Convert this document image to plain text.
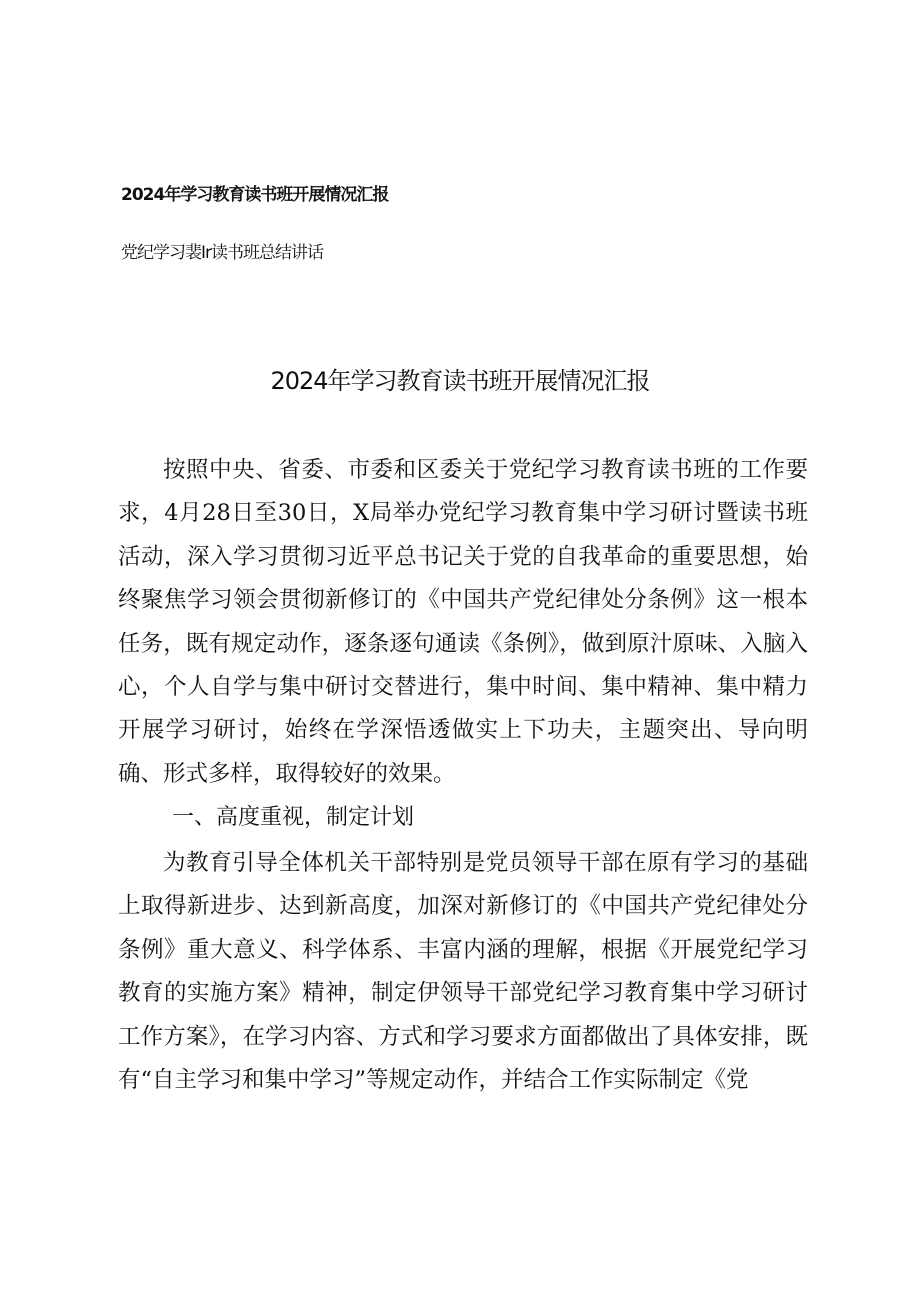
2024年学习教育读书班开展情况汇报
党纪学习裴Ir读书班总结讲话
2024年学习教育读书班开展情况汇报

按照中央、省委、市委和区委关于党纪学习教育读书班的工作要求，4月28日至30日，X局举办党纪学习教育集中学习研讨暨读书班活动，深入学习贯彻习近平总书记关于党的自我革命的重要思想，始终聚焦学习领会贯彻新修订的《中国共产党纪律处分条例》这一根本任务，既有规定动作，逐条逐句通读《条例》，做到原汁原味、入脑入心，个人自学与集中研讨交替进行，集中时间、集中精神、集中精力开展学习研讨，始终在学深悟透做实上下功夫，主题突出、导向明确、形式多样，取得较好的效果。

一、高度重视，制定计划

为教育引导全体机关干部特别是党员领导干部在原有学习的基础上取得新进步、达到新高度，加深对新修订的《中国共产党纪律处分条例》重大意义、科学体系、丰富内涵的理解，根据《开展党纪学习教育的实施方案》精神，制定伊领导干部党纪学习教育集中学习研讨工作方案》，在学习内容、方式和学习要求方面都做出了具体安排，既有“自主学习和集中学习”等规定动作，并结合工作实际制定《党
